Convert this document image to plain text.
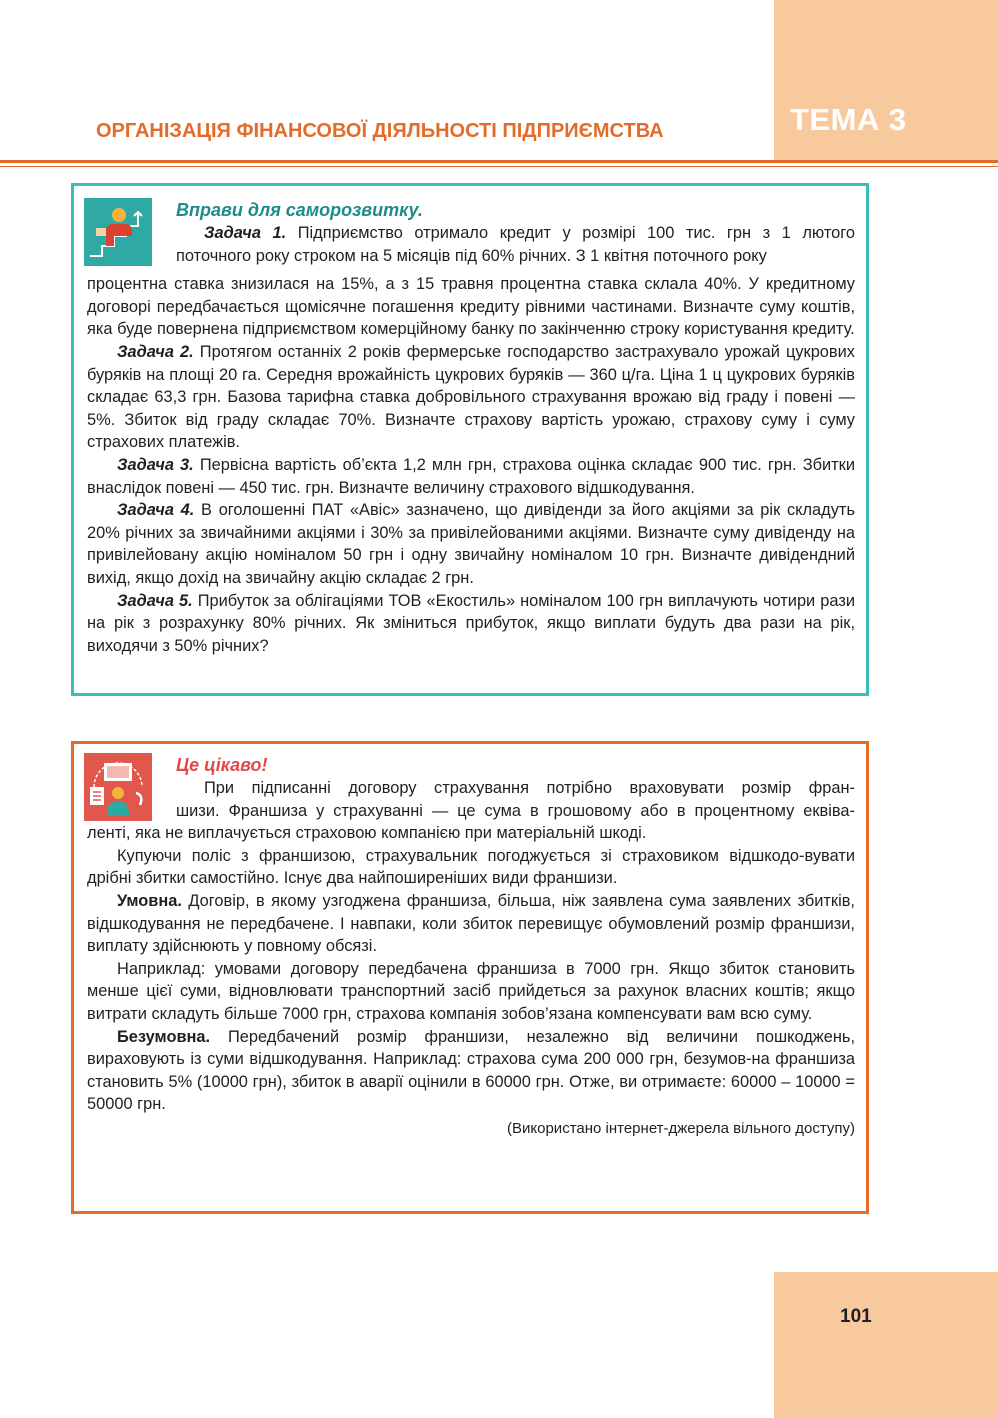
ТЕМА 3
ОРГАНІЗАЦІЯ ФІНАНСОВОЇ ДІЯЛЬНОСТІ ПІДПРИЄМСТВА
Вправи для саморозвитку.
Задача 1. Підприємство отримало кредит у розмірі 100 тис. грн з 1 лютого
поточного року строком на 5 місяців під 60% річних. З 1 квітня поточного року

процентна ставка знизилася на 15%, а з 15 травня процентна ставка склала 40%. У кредитному договорі передбачається щомісячне погашення кредиту рівними частинами. Визначте суму коштів, яка буде повернена підприємством комерційному банку по закінченню строку користування кредиту.

Задача 2. Протягом останніх 2 років фермерське господарство застрахувало урожай цукрових буряків на площі 20 га. Середня врожайність цукрових буряків — 360 ц/га. Ціна 1 ц цукрових буряків складає 63,3 грн. Базова тарифна ставка добровільного страхування врожаю від граду і повені — 5%. Збиток від граду складає 70%. Визначте страхову вартість урожаю, страхову суму і суму страхових платежів.

Задача 3. Первісна вартість об’єкта 1,2 млн грн, страхова оцінка складає 900 тис. грн. Збитки внаслідок повені — 450 тис. грн. Визначте величину страхового відшкодування.

Задача 4. В оголошенні ПАТ «Авіс» зазначено, що дивіденди за його акціями за рік складуть 20% річних за звичайними акціями і 30% за привілейованими акціями. Визначте суму дивіденду на привілейовану акцію номіналом 50 грн і одну звичайну номіналом 10 грн. Визначте дивідендний вихід, якщо дохід на звичайну акцію складає 2 грн.

Задача 5. Прибуток за облігаціями ТОВ «Екостиль» номіналом 100 грн виплачують чотири рази на рік з розрахунку 80% річних. Як зміниться прибуток, якщо виплати будуть два рази на рік, виходячи з 50% річних?

Це цікаво!
При підписанні договору страхування потрібно враховувати розмір фран-
шизи. Франшиза у страхуванні — це сума в грошовому або в процентному еквіва-

ленті, яка не виплачується страховою компанією при матеріальній шкоді.

Купуючи поліс з франшизою, страхувальник погоджується зі страховиком відшкодо-вувати дрібні збитки самостійно. Існує два найпоширеніших види франшизи.

Умовна. Договір, в якому узгоджена франшиза, більша, ніж заявлена сума заявлених збитків, відшкодування не передбачене. І навпаки, коли збиток перевищує обумовлений розмір франшизи, виплату здійснюють у повному обсязі.

Наприклад: умовами договору передбачена франшиза в 7000 грн. Якщо збиток становить менше цієї суми, відновлювати транспортний засіб прийдеться за рахунок власних коштів; якщо витрати складуть більше 7000 грн, страхова компанія зобов’язана компенсувати вам всю суму.

Безумовна. Передбачений розмір франшизи, незалежно від величини пошкоджень, вираховують із суми відшкодування. Наприклад: страхова сума 200 000 грн, безумов-на франшиза становить 5% (10000 грн), збиток в аварії оцінили в 60000 грн. Отже, ви отримаєте: 60000 – 10000 = 50000 грн.

(Використано інтернет-джерела вільного доступу)
101
